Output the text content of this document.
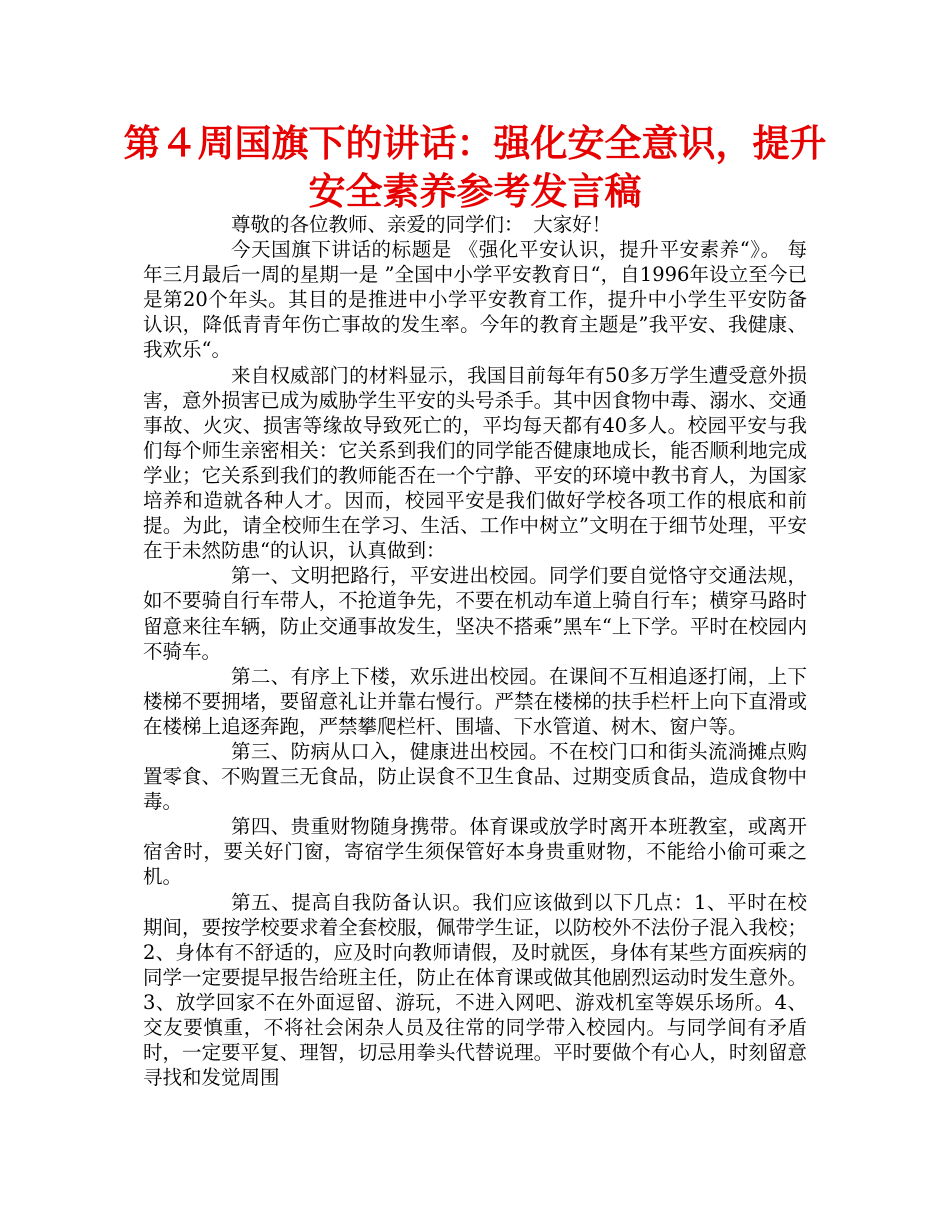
第４周国旗下的讲话：强化安全意识，提升安全素养参考发言稿

尊敬的各位教师、亲爱的同学们：　大家好！

今天国旗下讲话的标题是 《强化平安认识，提升平安素养“》。 每年三月最后一周的星期一是 ”全国中小学平安教育日“，自1996年设立至今已是第20个年头。其目的是推进中小学平安教育工作，提升中小学生平安防备认识，降低青青年伤亡事故的发生率。今年的教育主题是”我平安、我健康、我欢乐“。

来自权威部门的材料显示，我国目前每年有50多万学生遭受意外损害，意外损害已成为威胁学生平安的头号杀手。其中因食物中毒、溺水、交通事故、火灾、损害等缘故导致死亡的，平均每天都有40多人。校园平安与我们每个师生亲密相关：它关系到我们的同学能否健康地成长，能否顺利地完成学业；它关系到我们的教师能否在一个宁静、平安的环境中教书育人，为国家培养和造就各种人才。因而，校园平安是我们做好学校各项工作的根底和前提。为此，请全校师生在学习、生活、工作中树立”文明在于细节处理，平安在于未然防患“的认识，认真做到：

第一、文明把路行，平安进出校园。同学们要自觉恪守交通法规，如不要骑自行车带人，不抢道争先，不要在机动车道上骑自行车；横穿马路时留意来往车辆，防止交通事故发生，坚决不搭乘”黑车“上下学。平时在校园内不骑车。

第二、有序上下楼，欢乐进出校园。在课间不互相追逐打闹，上下楼梯不要拥堵，要留意礼让并靠右慢行。严禁在楼梯的扶手栏杆上向下直滑或在楼梯上追逐奔跑，严禁攀爬栏杆、围墙、下水管道、树木、窗户等。

第三、防病从口入，健康进出校园。不在校门口和街头流淌摊点购置零食、不购置三无食品，防止误食不卫生食品、过期变质食品，造成食物中毒。

第四、贵重财物随身携带。体育课或放学时离开本班教室，或离开宿舍时，要关好门窗，寄宿学生须保管好本身贵重财物，不能给小偷可乘之机。

第五、提高自我防备认识。我们应该做到以下几点：1、平时在校期间，要按学校要求着全套校服，佩带学生证，以防校外不法份子混入我校； 2、身体有不舒适的，应及时向教师请假，及时就医，身体有某些方面疾病的同学一定要提早报告给班主任，防止在体育课或做其他剧烈运动时发生意外。3、放学回家不在外面逗留、游玩，不进入网吧、游戏机室等娱乐场所。4、交友要慎重，不将社会闲杂人员及往常的同学带入校园内。与同学间有矛盾时，一定要平复、理智，切忌用拳头代替说理。平时要做个有心人，时刻留意寻找和发觉周围
